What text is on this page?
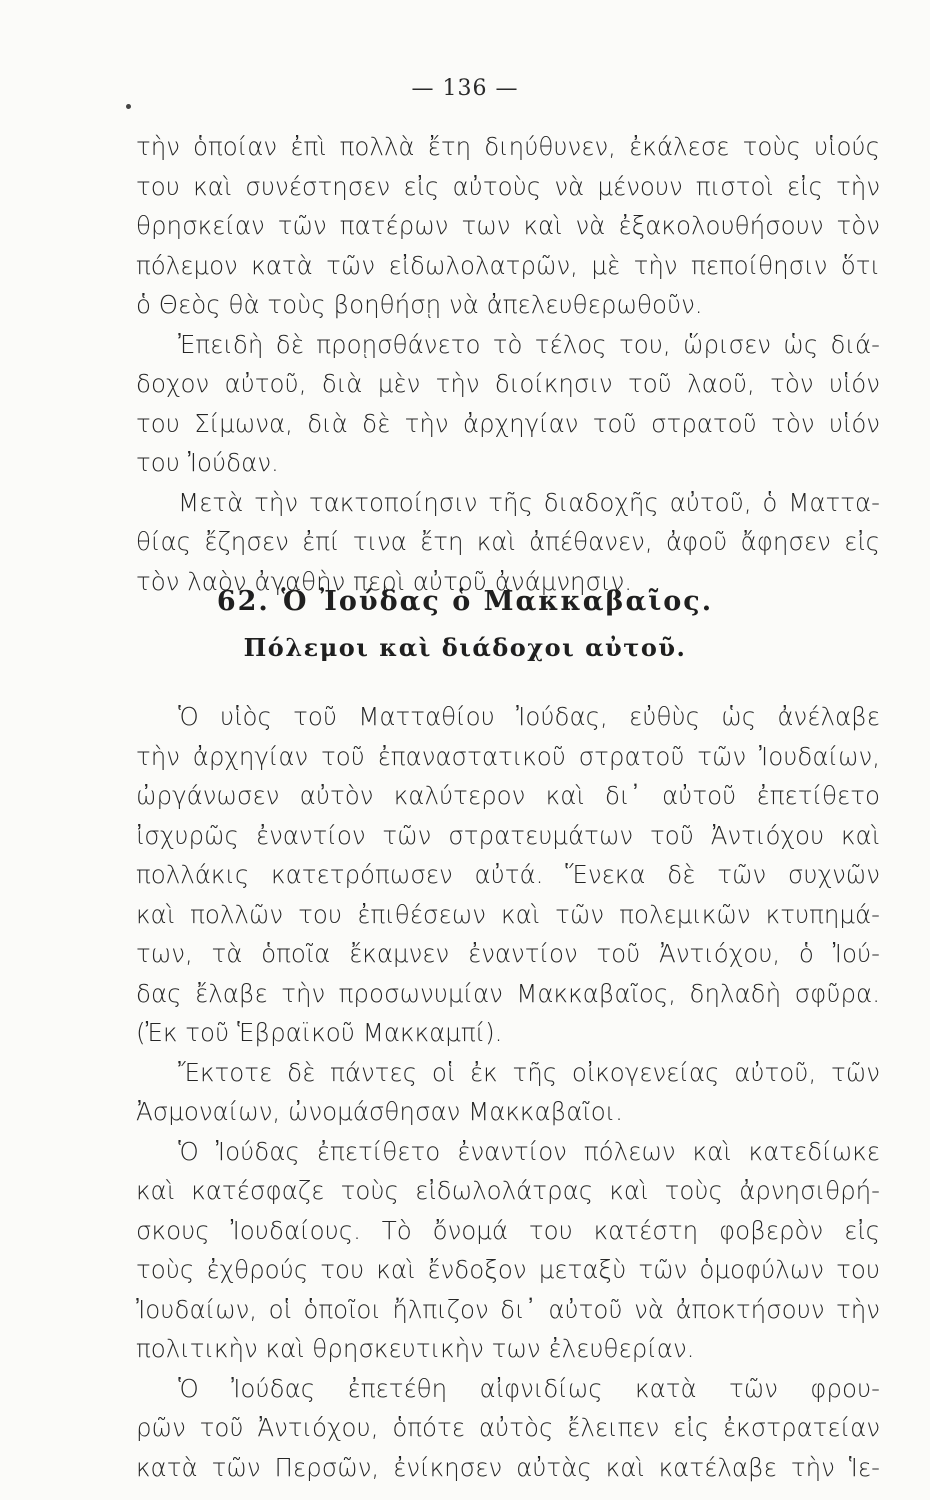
— 136 —
τὴν ὁποίαν ἐπὶ πολλὰ ἔτη διηύθυνεν, ἐκάλεσε τοὺς υἱούς
του καὶ συνέστησεν εἰς αὐτοὺς νὰ μένουν πιστοὶ εἰς τὴν
θρησκείαν τῶν πατέρων των καὶ νὰ ἐξακολουθήσουν τὸν
πόλεμον κατὰ τῶν εἰδωλολατρῶν, μὲ τὴν πεποίθησιν ὅτι
ὁ Θεὸς θὰ τοὺς βοηθήσῃ νὰ ἀπελευθερωθοῦν.
Ἐπειδὴ δὲ προῃσθάνετο τὸ τέλος του, ὥρισεν ὡς διά-
δοχον αὐτοῦ, διὰ μὲν τὴν διοίκησιν τοῦ λαοῦ, τὸν υἱόν
του Σίμωνα, διὰ δὲ τὴν ἀρχηγίαν τοῦ στρατοῦ τὸν υἱόν
του Ἰούδαν.
Μετὰ τὴν τακτοποίησιν τῆς διαδοχῆς αὐτοῦ, ὁ Ματτα-
θίας ἔζησεν ἐπί τινα ἔτη καὶ ἀπέθανεν, ἀφοῦ ἄφησεν εἰς
τὸν λαὸν ἀγαθὴν περὶ αὐτοῦ ἀνάμνησιν.
62. Ὁ Ἰούδας ὁ Μακκαβαῖος.
Πόλεμοι καὶ διάδοχοι αὐτοῦ.
Ὁ υἱὸς τοῦ Ματταθίου Ἰούδας, εὐθὺς ὡς ἀνέλαβε
τὴν ἀρχηγίαν τοῦ ἐπαναστατικοῦ στρατοῦ τῶν Ἰουδαίων,
ὠργάνωσεν αὐτὸν καλύτερον καὶ δι᾽ αὐτοῦ ἐπετίθετο
ἰσχυρῶς ἐναντίον τῶν στρατευμάτων τοῦ Ἀντιόχου καὶ
πολλάκις κατετρόπωσεν αὐτά. Ἕνεκα δὲ τῶν συχνῶν
καὶ πολλῶν του ἐπιθέσεων καὶ τῶν πολεμικῶν κτυπημά-
των, τὰ ὁποῖα ἔκαμνεν ἐναντίον τοῦ Ἀντιόχου, ὁ Ἰού-
δας ἔλαβε τὴν προσωνυμίαν Μακκαβαῖος, δηλαδὴ σφῦρα.
(Ἐκ τοῦ Ἑβραϊκοῦ Μακκαμπί).
Ἔκτοτε δὲ πάντες οἱ ἐκ τῆς οἰκογενείας αὐτοῦ, τῶν
Ἀσμοναίων, ὠνομάσθησαν Μακκαβαῖοι.
Ὁ Ἰούδας ἐπετίθετο ἐναντίον πόλεων καὶ κατεδίωκε
καὶ κατέσφαζε τοὺς εἰδωλολάτρας καὶ τοὺς ἀρνησιθρή-
σκους Ἰουδαίους. Τὸ ὄνομά του κατέστη φοβερὸν εἰς
τοὺς ἐχθρούς του καὶ ἔνδοξον μεταξὺ τῶν ὁμοφύλων του
Ἰουδαίων, οἱ ὁποῖοι ἤλπιζον δι᾽ αὐτοῦ νὰ ἀποκτήσουν τὴν
πολιτικὴν καὶ θρησκευτικὴν των ἐλευθερίαν.
Ὁ Ἰούδας ἐπετέθη αἰφνιδίως κατὰ τῶν φρου-
ρῶν τοῦ Ἀντιόχου, ὁπότε αὐτὸς ἔλειπεν εἰς ἐκστρατείαν
κατὰ τῶν Περσῶν, ἐνίκησεν αὐτὰς καὶ κατέλαβε τὴν Ἱε-
